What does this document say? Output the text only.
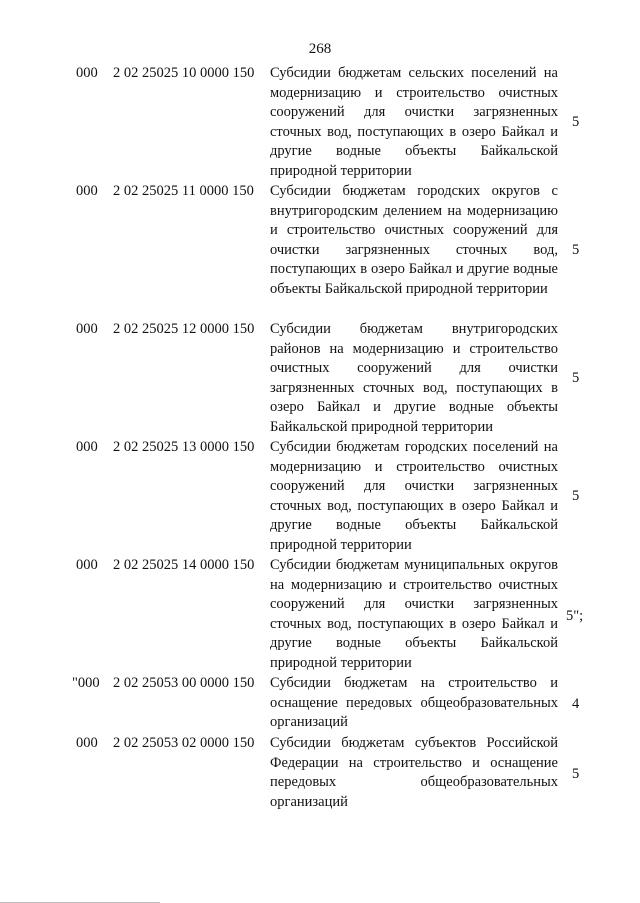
268
000 2 02 25025 10 0000 150 Субсидии бюджетам сельских поселений на модернизацию и строительство очистных сооружений для очистки загрязненных сточных вод, поступающих в озеро Байкал и другие водные объекты Байкальской природной территории
5
000 2 02 25025 11 0000 150 Субсидии бюджетам городских округов с внутригородским делением на модернизацию и строительство очистных сооружений для очистки загрязненных сточных вод, поступающих в озеро Байкал и другие водные объекты Байкальской природной территории
5
000 2 02 25025 12 0000 150 Субсидии бюджетам внутригородских районов на модернизацию и строительство очистных сооружений для очистки загрязненных сточных вод, поступающих в озеро Байкал и другие водные объекты Байкальской природной территории
5
000 2 02 25025 13 0000 150 Субсидии бюджетам городских поселений на модернизацию и строительство очистных сооружений для очистки загрязненных сточных вод, поступающих в озеро Байкал и другие водные объекты Байкальской природной территории
5
000 2 02 25025 14 0000 150 Субсидии бюджетам муниципальных округов на модернизацию и строительство очистных сооружений для очистки загрязненных сточных вод, поступающих в озеро Байкал и другие водные объекты Байкальской природной территории
5";
"000 2 02 25053 00 0000 150 Субсидии бюджетам на строительство и оснащение передовых общеобразовательных организаций
4
000 2 02 25053 02 0000 150 Субсидии бюджетам субъектов Российской Федерации на строительство и оснащение передовых общеобразовательных организаций
5
